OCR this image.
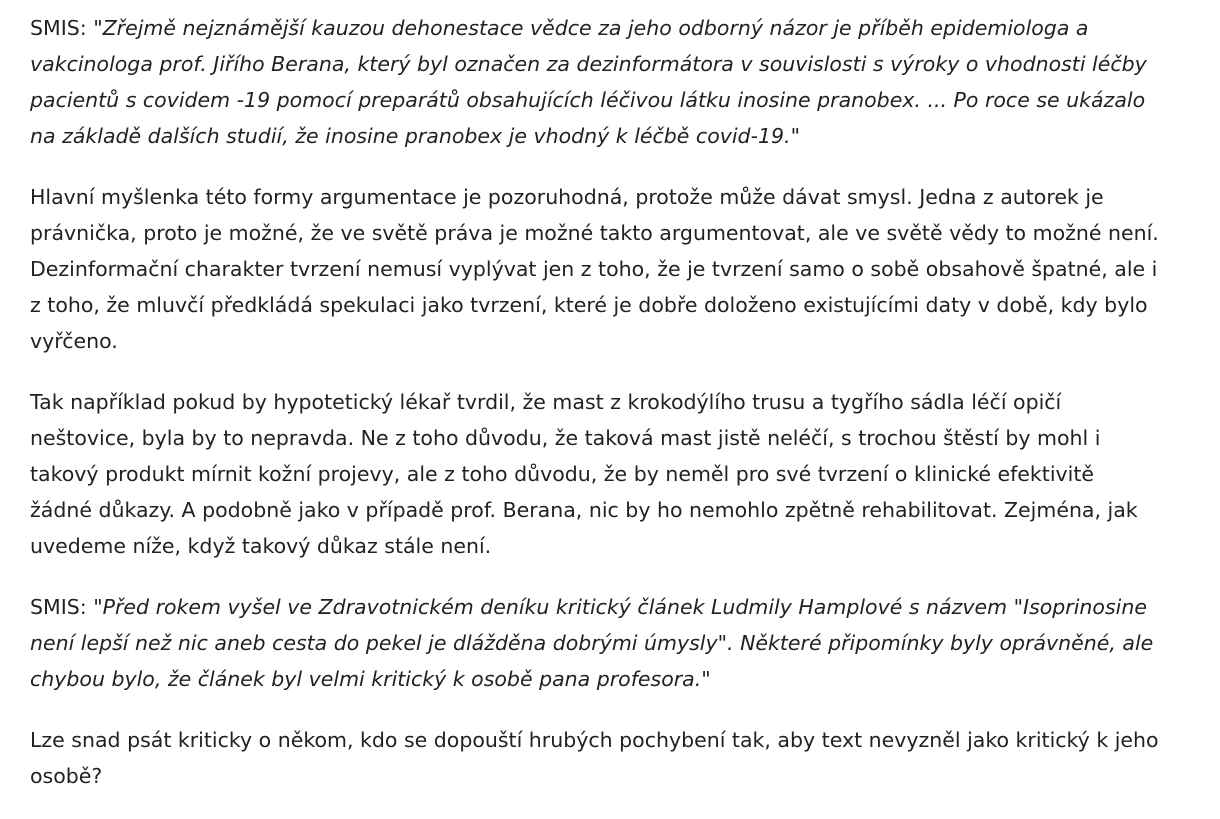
SMIS: "Zřejmě nejznámější kauzou dehonestace vědce za jeho odborný názor je příběh epidemiologa a vakcinologa prof. Jiřího Berana, který byl označen za dezinformátora v souvislosti s výroky o vhodnosti léčby pacientů s covidem -19 pomocí preparátů obsahujících léčivou látku inosine pranobex. ... Po roce se ukázalo na základě dalších studií, že inosine pranobex je vhodný k léčbě covid-19."

Hlavní myšlenka této formy argumentace je pozoruhodná, protože může dávat smysl. Jedna z autorek je právnička, proto je možné, že ve světě práva je možné takto argumentovat, ale ve světě vědy to možné není. Dezinformační charakter tvrzení nemusí vyplývat jen z toho, že je tvrzení samo o sobě obsahově špatné, ale i z toho, že mluvčí předkládá spekulaci jako tvrzení, které je dobře doloženo existujícími daty v době, kdy bylo vyřčeno.

Tak například pokud by hypotetický lékař tvrdil, že mast z krokodýlího trusu a tygřího sádla léčí opičí neštovice, byla by to nepravda. Ne z toho důvodu, že taková mast jistě neléčí, s trochou štěstí by mohl i takový produkt mírnit kožní projevy, ale z toho důvodu, že by neměl pro své tvrzení o klinické efektivitě žádné důkazy. A podobně jako v případě prof. Berana, nic by ho nemohlo zpětně rehabilitovat. Zejména, jak uvedeme níže, když takový důkaz stále není.

SMIS: "Před rokem vyšel ve Zdravotnickém deníku kritický článek Ludmily Hamplové s názvem "Isoprinosine není lepší než nic aneb cesta do pekel je dlážděna dobrými úmysly". Některé připomínky byly oprávněné, ale chybou bylo, že článek byl velmi kritický k osobě pana profesora."

Lze snad psát kriticky o někom, kdo se dopouští hrubých pochybení tak, aby text nevyzněl jako kritický k jeho osobě?
